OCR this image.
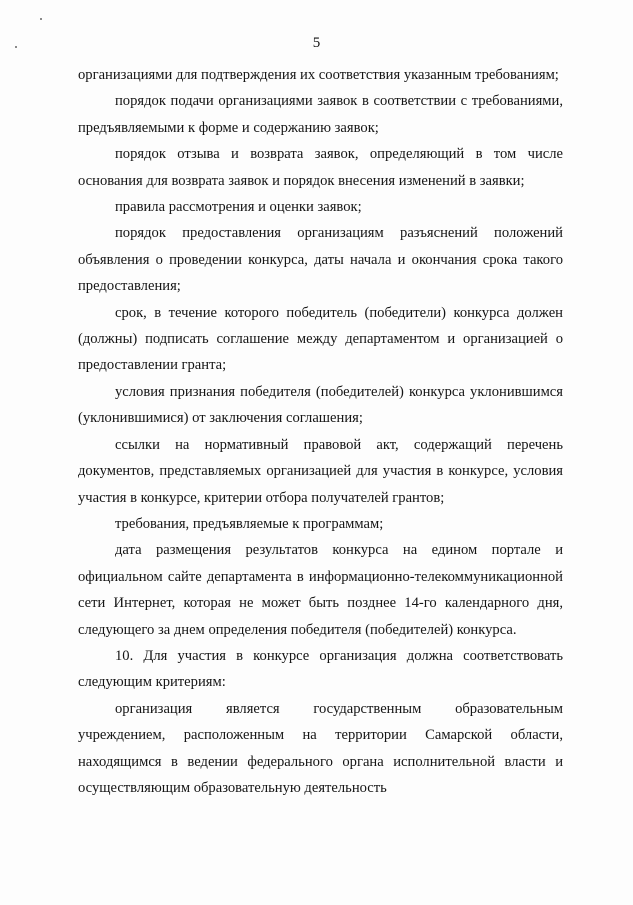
5

организациями для подтверждения их соответствия указанным требованиям;

порядок подачи организациями заявок в соответствии с требованиями, предъявляемыми к форме и содержанию заявок;

порядок отзыва и возврата заявок, определяющий в том числе основания для возврата заявок и порядок внесения изменений в заявки;

правила рассмотрения и оценки заявок;

порядок предоставления организациям разъяснений положений объявления о проведении конкурса, даты начала и окончания срока такого предоставления;

срок, в течение которого победитель (победители) конкурса должен (должны) подписать соглашение между департаментом и организацией о предоставлении гранта;

условия признания победителя (победителей) конкурса уклонившимся (уклонившимися) от заключения соглашения;

ссылки на нормативный правовой акт, содержащий перечень документов, представляемых организацией для участия в конкурсе, условия участия в конкурсе, критерии отбора получателей грантов;

требования, предъявляемые к программам;

дата размещения результатов конкурса на едином портале и официальном сайте департамента в информационно-телекоммуникационной сети Интернет, которая не может быть позднее 14-го календарного дня, следующего за днем определения победителя (победителей) конкурса.

10. Для участия в конкурсе организация должна соответствовать следующим критериям:

организация является государственным образовательным учреждением, расположенным на территории Самарской области, находящимся в ведении федерального органа исполнительной власти и осуществляющим образовательную деятельность
